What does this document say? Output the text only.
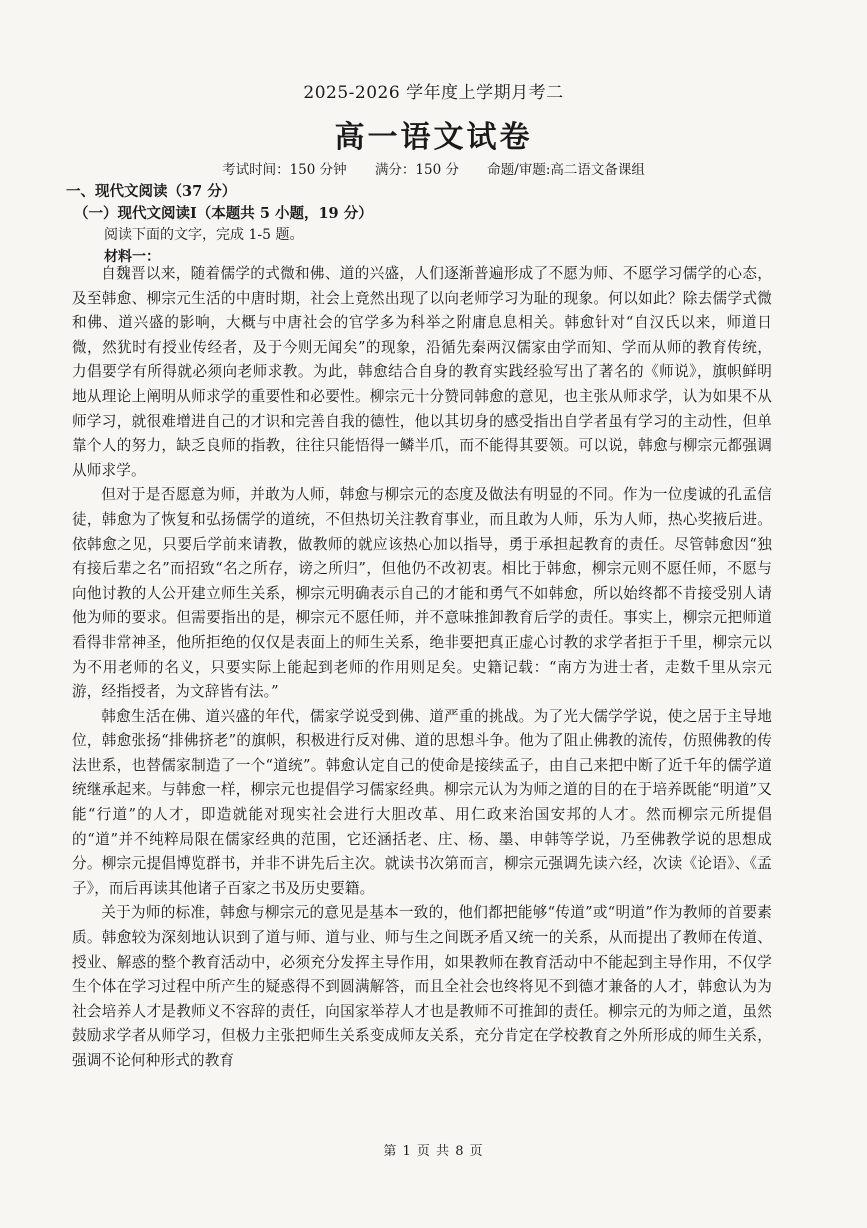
2025-2026 学年度上学期月考二
高一语文试卷
考试时间：150 分钟 满分：150 分 命题/审题:高二语文备课组
一、现代文阅读（37 分）
（一）现代文阅读Ⅰ（本题共 5 小题，19 分）
阅读下面的文字，完成 1-5 题。
材料一：

自魏晋以来，随着儒学的式微和佛、道的兴盛，人们逐渐普遍形成了不愿为师、不愿学习儒学的心态，及至韩愈、柳宗元生活的中唐时期，社会上竟然出现了以向老师学习为耻的现象。何以如此？除去儒学式微和佛、道兴盛的影响，大概与中唐社会的官学多为科举之附庸息息相关。韩愈针对“自汉氏以来，师道日微，然犹时有授业传经者，及于今则无闻矣”的现象，沿循先秦两汉儒家由学而知、学而从师的教育传统，力倡要学有所得就必须向老师求教。为此，韩愈结合自身的教育实践经验写出了著名的《师说》，旗帜鲜明地从理论上阐明从师求学的重要性和必要性。柳宗元十分赞同韩愈的意见，也主张从师求学，认为如果不从师学习，就很难增进自己的才识和完善自我的德性，他以其切身的感受指出自学者虽有学习的主动性，但单靠个人的努力，缺乏良师的指教，往往只能悟得一鳞半爪，而不能得其要领。可以说，韩愈与柳宗元都强调从师求学。

但对于是否愿意为师，并敢为人师，韩愈与柳宗元的态度及做法有明显的不同。作为一位虔诚的孔孟信徒，韩愈为了恢复和弘扬儒学的道统，不但热切关注教育事业，而且敢为人师，乐为人师，热心奖掖后进。依韩愈之见，只要后学前来请教，做教师的就应该热心加以指导，勇于承担起教育的责任。尽管韩愈因“独有接后辈之名”而招致“名之所存，谤之所归”，但他仍不改初衷。相比于韩愈，柳宗元则不愿任师，不愿与向他讨教的人公开建立师生关系，柳宗元明确表示自己的才能和勇气不如韩愈，所以始终都不肯接受别人请他为师的要求。但需要指出的是，柳宗元不愿任师，并不意味推卸教育后学的责任。事实上，柳宗元把师道看得非常神圣，他所拒绝的仅仅是表面上的师生关系，绝非要把真正虚心讨教的求学者拒于千里，柳宗元以为不用老师的名义，只要实际上能起到老师的作用则足矣。史籍记载：“南方为进士者，走数千里从宗元游，经指授者，为文辞皆有法。”

韩愈生活在佛、道兴盛的年代，儒家学说受到佛、道严重的挑战。为了光大儒学学说，使之居于主导地位，韩愈张扬“排佛挤老”的旗帜，积极进行反对佛、道的思想斗争。他为了阻止佛教的流传，仿照佛教的传法世系，也替儒家制造了一个“道统”。韩愈认定自己的使命是接续孟子，由自己来把中断了近千年的儒学道统继承起来。与韩愈一样，柳宗元也提倡学习儒家经典。柳宗元认为为师之道的目的在于培养既能“明道”又能“行道”的人才，即造就能对现实社会进行大胆改革、用仁政来治国安邦的人才。然而柳宗元所提倡的“道”并不纯粹局限在儒家经典的范围，它还涵括老、庄、杨、墨、申韩等学说，乃至佛教学说的思想成分。柳宗元提倡博览群书，并非不讲先后主次。就读书次第而言，柳宗元强调先读六经，次读《论语》、《孟子》，而后再读其他诸子百家之书及历史要籍。

关于为师的标准，韩愈与柳宗元的意见是基本一致的，他们都把能够“传道”或“明道”作为教师的首要素质。韩愈较为深刻地认识到了道与师、道与业、师与生之间既矛盾又统一的关系，从而提出了教师在传道、授业、解惑的整个教育活动中，必须充分发挥主导作用，如果教师在教育活动中不能起到主导作用，不仅学生个体在学习过程中所产生的疑惑得不到圆满解答，而且全社会也终将见不到德才兼备的人才，韩愈认为为社会培养人才是教师义不容辞的责任，向国家举荐人才也是教师不可推卸的责任。柳宗元的为师之道，虽然鼓励求学者从师学习，但极力主张把师生关系变成师友关系，充分肯定在学校教育之外所形成的师生关系，强调不论何种形式的教育

第 1 页 共 8 页
